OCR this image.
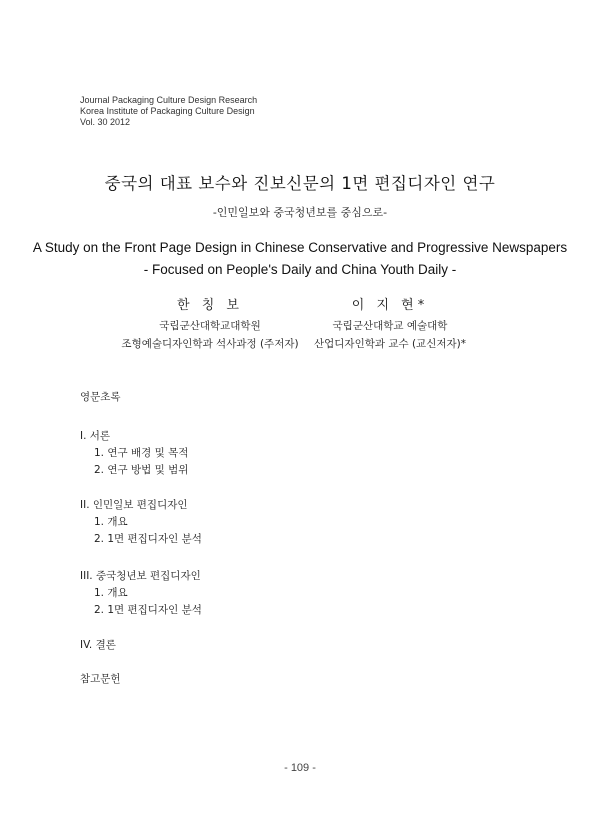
Journal Packaging Culture Design Research
Korea Institute of Packaging Culture Design
Vol. 30 2012
중국의 대표 보수와 진보신문의 1면 편집디자인 연구
-인민일보와 중국청년보를 중심으로-
A Study on the Front Page Design in Chinese Conservative and Progressive Newspapers
- Focused on People's Daily and China Youth Daily -
한 칭 보
국립군산대학교대학원
조형예술디자인학과 석사과정 (주저자)
이 지 현*
국립군산대학교 예술대학
산업디자인학과 교수 (교신저자)*
영문초록
I. 서론
1. 연구 배경 및 목적
2. 연구 방법 및 범위
II. 인민일보 편집디자인
1. 개요
2. 1면 편집디자인 분석
III. 중국청년보 편집디자인
1. 개요
2. 1면 편집디자인 분석
IV. 결론
참고문헌
- 109 -
